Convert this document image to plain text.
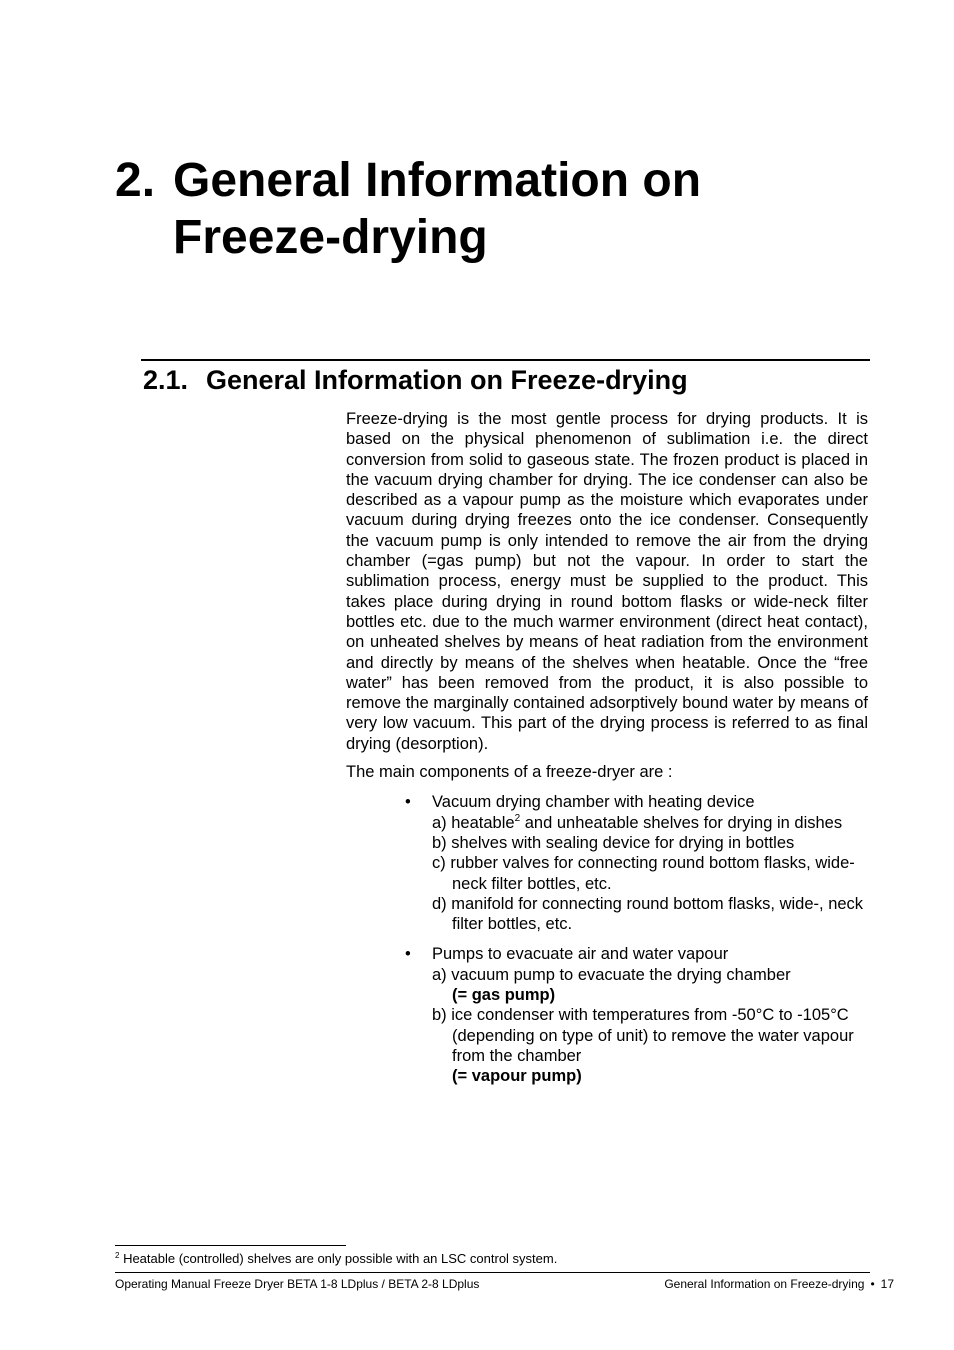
2. General Information on Freeze-drying
2.1. General Information on Freeze-drying

Freeze-drying is the most gentle process for drying products. It is based on the physical phenomenon of sublimation i.e. the direct conversion from solid to gaseous state. The frozen product is placed in the vacuum drying chamber for drying. The ice condenser can also be described as a vapour pump as the moisture which evaporates under vacuum during drying freezes onto the ice condenser. Consequently the vacuum pump is only intended to remove the air from the drying chamber (=gas pump) but not the vapour. In order to start the sublimation process, energy must be supplied to the product. This takes place during drying in round bottom flasks or wide-neck filter bottles etc. due to the much warmer environment (direct heat contact), on unheated shelves by means of heat radiation from the environment and directly by means of the shelves when heatable. Once the “free water” has been removed from the product, it is also possible to remove the marginally contained adsorptively bound water by means of very low vacuum. This part of the drying process is referred to as final drying (desorption).

The main components of a freeze-dryer are :

• Vacuum drying chamber with heating device

a) heatable$^2$ and unheatable shelves for drying in dishes

b) shelves with sealing device for drying in bottles

c) rubber valves for connecting round bottom flasks, wide-neck filter bottles, etc.

d) manifold for connecting round bottom flasks, wide-, neck filter bottles, etc.

• Pumps to evacuate air and water vapour

a) vacuum pump to evacuate the drying chamber
(= gas pump)

b) ice condenser with temperatures from -50°C to -105°C (depending on type of unit) to remove the water vapour from the chamber
(= vapour pump)

$^2$ Heatable (controlled) shelves are only possible with an LSC control system.
Operating Manual Freeze Dryer BETA 1-8 LDplus / BETA 2-8 LDplus	General Information on Freeze-drying • 17
